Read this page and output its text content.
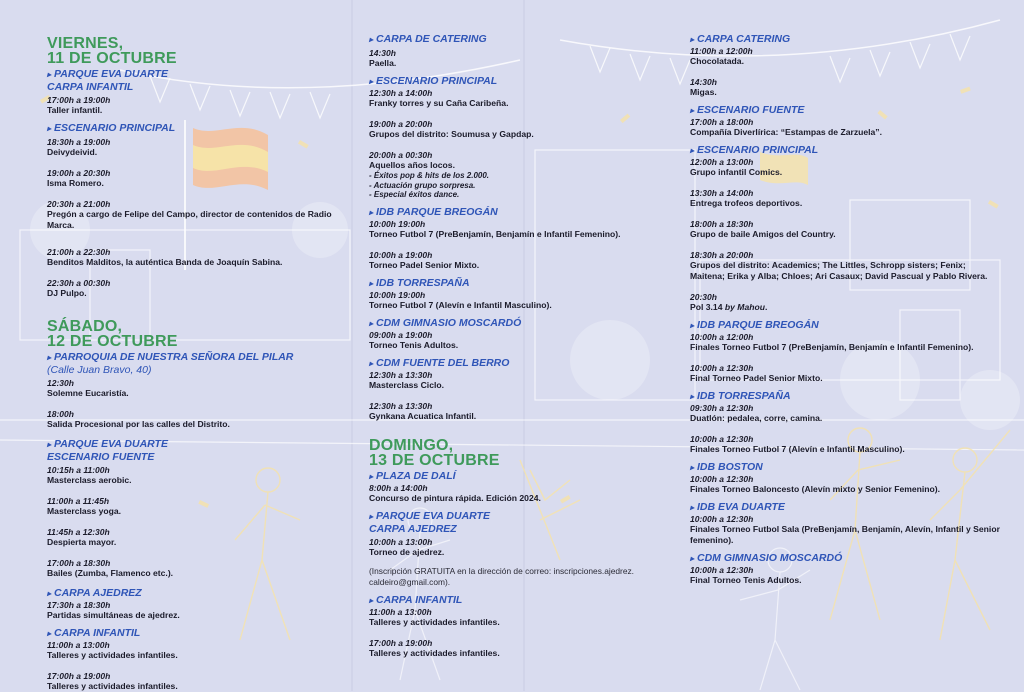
VIERNES,
11 DE OCTUBRE
▸ PARQUE EVA DUARTE
CARPA INFANTIL
17:00h a 19:00h
Taller infantil.
▸ ESCENARIO PRINCIPAL
18:30h a 19:00h
Deivydeivid.
19:00h a 20:30h
Isma Romero.
20:30h a 21:00h
Pregón a cargo de Felipe del Campo, director de contenidos de Radio Marca.
21:00h a 22:30h
Benditos Malditos, la auténtica Banda de Joaquín Sabina.
22:30h a 00:30h
DJ Pulpo.
SÁBADO,
12 DE OCTUBRE
▸ PARROQUIA DE NUESTRA SEÑORA DEL PILAR
(Calle Juan Bravo, 40)
12:30h
Solemne Eucaristía.
18:00h
Salida Procesional por las calles del Distrito.
▸ PARQUE EVA DUARTE
ESCENARIO FUENTE
10:15h a 11:00h
Masterclass aerobic.
11:00h a 11:45h
Masterclass yoga.
11:45h a 12:30h
Despierta mayor.
17:00h a 18:30h
Bailes (Zumba, Flamenco etc.).
▸ CARPA AJEDREZ
17:30h a 18:30h
Partidas simultáneas de ajedrez.
▸ CARPA INFANTIL
11:00h a 13:00h
Talleres y actividades infantiles.
17:00h a 19:00h
Talleres y actividades infantiles.
▸ CARPA DE CATERING
14:30h
Paella.
▸ ESCENARIO PRINCIPAL
12:30h a 14:00h
Franky torres y su Caña Caribeña.
19:00h a 20:00h
Grupos del distrito: Soumusa y Gapdap.
20:00h a 00:30h
Aquellos años locos.
- Éxitos pop & hits de los 2.000.
- Actuación grupo sorpresa.
- Especial éxitos dance.
▸ IDB PARQUE BREOGÁN
10:00h 19:00h
Torneo Futbol 7 (PreBenjamín, Benjamín e Infantil Femenino).
10:00h a 19:00h
Torneo Padel Senior Mixto.
▸ IDB TORRESPAÑA
10:00h 19:00h
Torneo Futbol 7 (Alevín e Infantil Masculino).
▸ CDM GIMNASIO MOSCARDÓ
09:00h a 19:00h
Torneo Tenis Adultos.
▸ CDM FUENTE DEL BERRO
12:30h a 13:30h
Masterclass Ciclo.
12:30h a 13:30h
Gynkana Acuatica Infantil.
DOMINGO,
13 DE OCTUBRE
▸ PLAZA DE DALÍ
8:00h a 14:00h
Concurso de pintura rápida. Edición 2024.
▸ PARQUE EVA DUARTE
CARPA AJEDREZ
10:00h a 13:00h
Torneo de ajedrez.
(Inscripción GRATUITA en la dirección de correo: inscripciones.ajedrez. caldeiro@gmail.com).
▸ CARPA INFANTIL
11:00h a 13:00h
Talleres y actividades infantiles.
17:00h a 19:00h
Talleres y actividades infantiles.
▸ CARPA CATERING
11:00h a 12:00h
Chocolatada.
14:30h
Migas.
▸ ESCENARIO FUENTE
17:00h a 18:00h
Compañía Diverlírica: “Estampas de Zarzuela”.
▸ ESCENARIO PRINCIPAL
12:00h a 13:00h
Grupo infantil Comics.
13:30h a 14:00h
Entrega trofeos deportivos.
18:00h a 18:30h
Grupo de baile Amigos del Country.
18:30h a 20:00h
Grupos del distrito: Academics; The Littles, Schropp sisters; Fenix; Maitena; Erika y Alba; Chloes; Ari Casaux; David Pascual y Pablo Rivera.
20:30h
Pol 3.14 by Mahou.
▸ IDB PARQUE BREOGÁN
10:00h a 12:00h
Finales Torneo Futbol 7 (PreBenjamín, Benjamín e Infantil Femenino).
10:00h a 12:30h
Final Torneo Padel Senior Mixto.
▸ IDB TORRESPAÑA
09:30h a 12:30h
Duatlón: pedalea, corre, camina.
10:00h a 12:30h
Finales Torneo Futbol 7 (Alevín e Infantil Masculino).
▸ IDB BOSTON
10:00h a 12:30h
Finales Torneo Baloncesto (Alevín mixto y Senior Femenino).
▸ IDB EVA DUARTE
10:00h a 12:30h
Finales Torneo Futbol Sala (PreBenjamín, Benjamín, Alevín, Infantil y Senior femenino).
▸ CDM GIMNASIO MOSCARDÓ
10:00h a 12:30h
Final Torneo Tenis Adultos.
